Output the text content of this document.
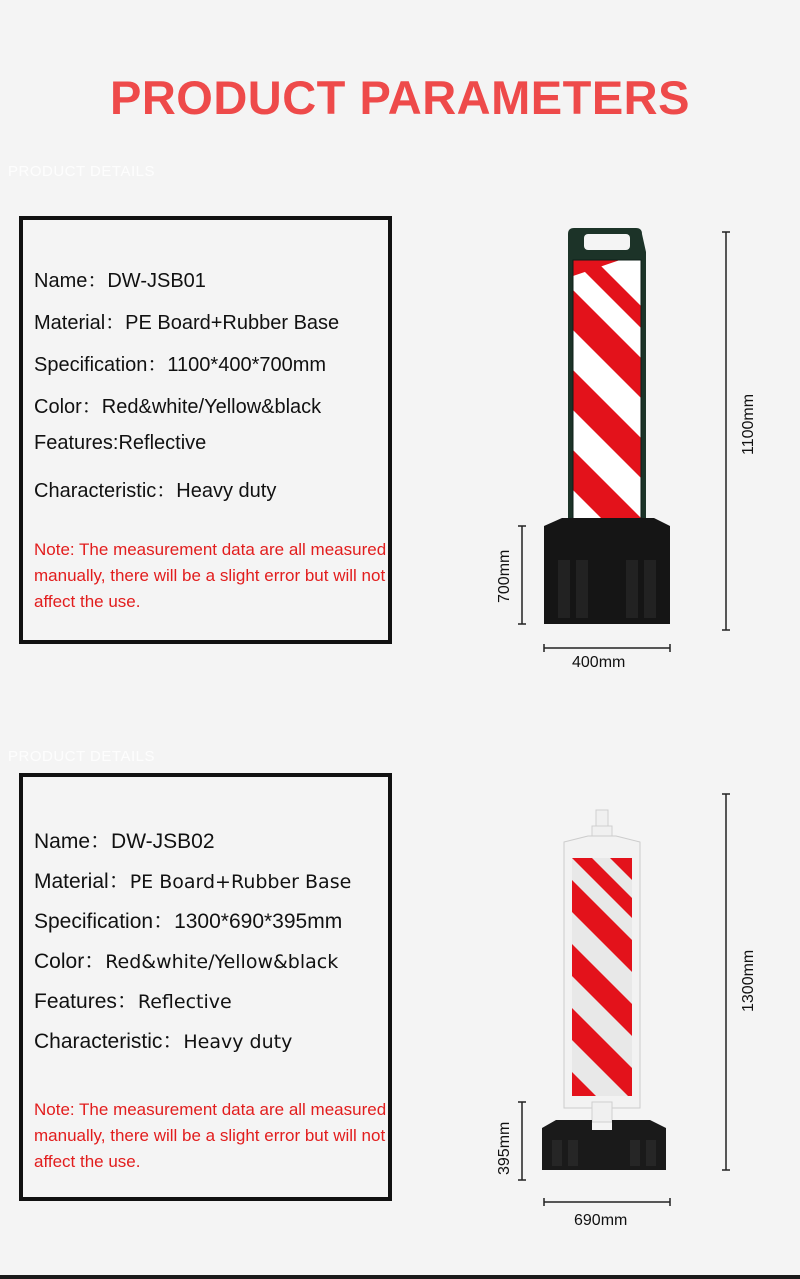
PRODUCT PARAMETERS
PRODUCT DETAILS
Name：DW-JSB01
Material：PE Board+Rubber Base
Specification：1100*400*700mm
Color：Red&white/Yellow&black
Features:Reflective
Characteristic：Heavy duty
Note: The measurement data are all measured manually, there will be a slight error but will not affect the use.
1100mm
700mm
400mm
PRODUCT DETAILS
Name：DW-JSB02
Material：PE Board+Rubber Base
Specification：1300*690*395mm
Color：Red&white/Yellow&black
Features：Reflective
Characteristic：Heavy duty
Note: The measurement data are all measured manually, there will be a slight error but will not affect the use.
1300mm
395mm
690mm
